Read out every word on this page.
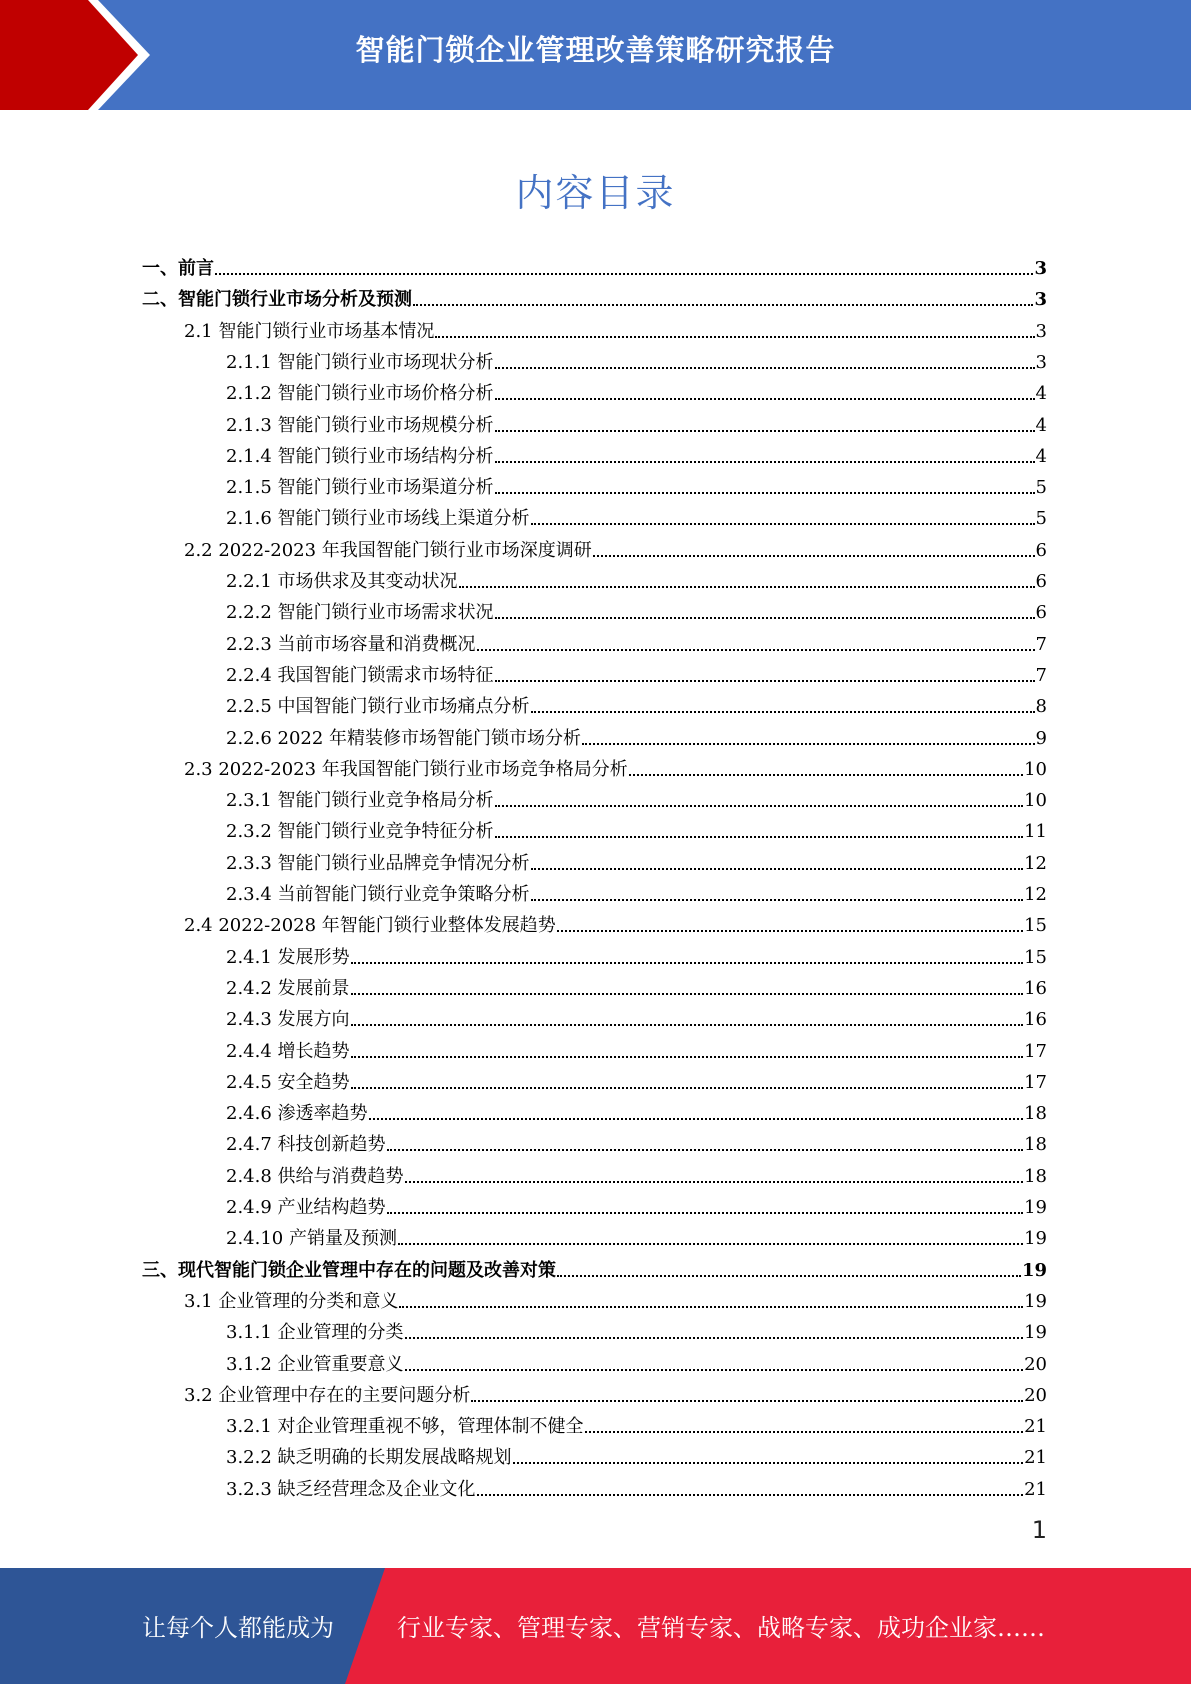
智能门锁企业管理改善策略研究报告
内容目录
一、前言	3
二、智能门锁行业市场分析及预测	3
2.1 智能门锁行业市场基本情况	3
2.1.1 智能门锁行业市场现状分析	3
2.1.2 智能门锁行业市场价格分析	4
2.1.3 智能门锁行业市场规模分析	4
2.1.4 智能门锁行业市场结构分析	4
2.1.5 智能门锁行业市场渠道分析	5
2.1.6 智能门锁行业市场线上渠道分析	5
2.2 2022-2023 年我国智能门锁行业市场深度调研	6
2.2.1 市场供求及其变动状况	6
2.2.2 智能门锁行业市场需求状况	6
2.2.3 当前市场容量和消费概况	7
2.2.4 我国智能门锁需求市场特征	7
2.2.5 中国智能门锁行业市场痛点分析	8
2.2.6 2022 年精装修市场智能门锁市场分析	9
2.3 2022-2023 年我国智能门锁行业市场竞争格局分析	10
2.3.1 智能门锁行业竞争格局分析	10
2.3.2 智能门锁行业竞争特征分析	11
2.3.3 智能门锁行业品牌竞争情况分析	12
2.3.4 当前智能门锁行业竞争策略分析	12
2.4 2022-2028 年智能门锁行业整体发展趋势	15
2.4.1 发展形势	15
2.4.2 发展前景	16
2.4.3 发展方向	16
2.4.4 增长趋势	17
2.4.5 安全趋势	17
2.4.6 渗透率趋势	18
2.4.7 科技创新趋势	18
2.4.8 供给与消费趋势	18
2.4.9 产业结构趋势	19
2.4.10 产销量及预测	19
三、现代智能门锁企业管理中存在的问题及改善对策	19
3.1 企业管理的分类和意义	19
3.1.1 企业管理的分类	19
3.1.2 企业管重要意义	20
3.2 企业管理中存在的主要问题分析	20
3.2.1 对企业管理重视不够，管理体制不健全	21
3.2.2 缺乏明确的长期发展战略规划	21
3.2.3 缺乏经营理念及企业文化	21
1
让每个人都能成为	行业专家、管理专家、营销专家、战略专家、成功企业家……
